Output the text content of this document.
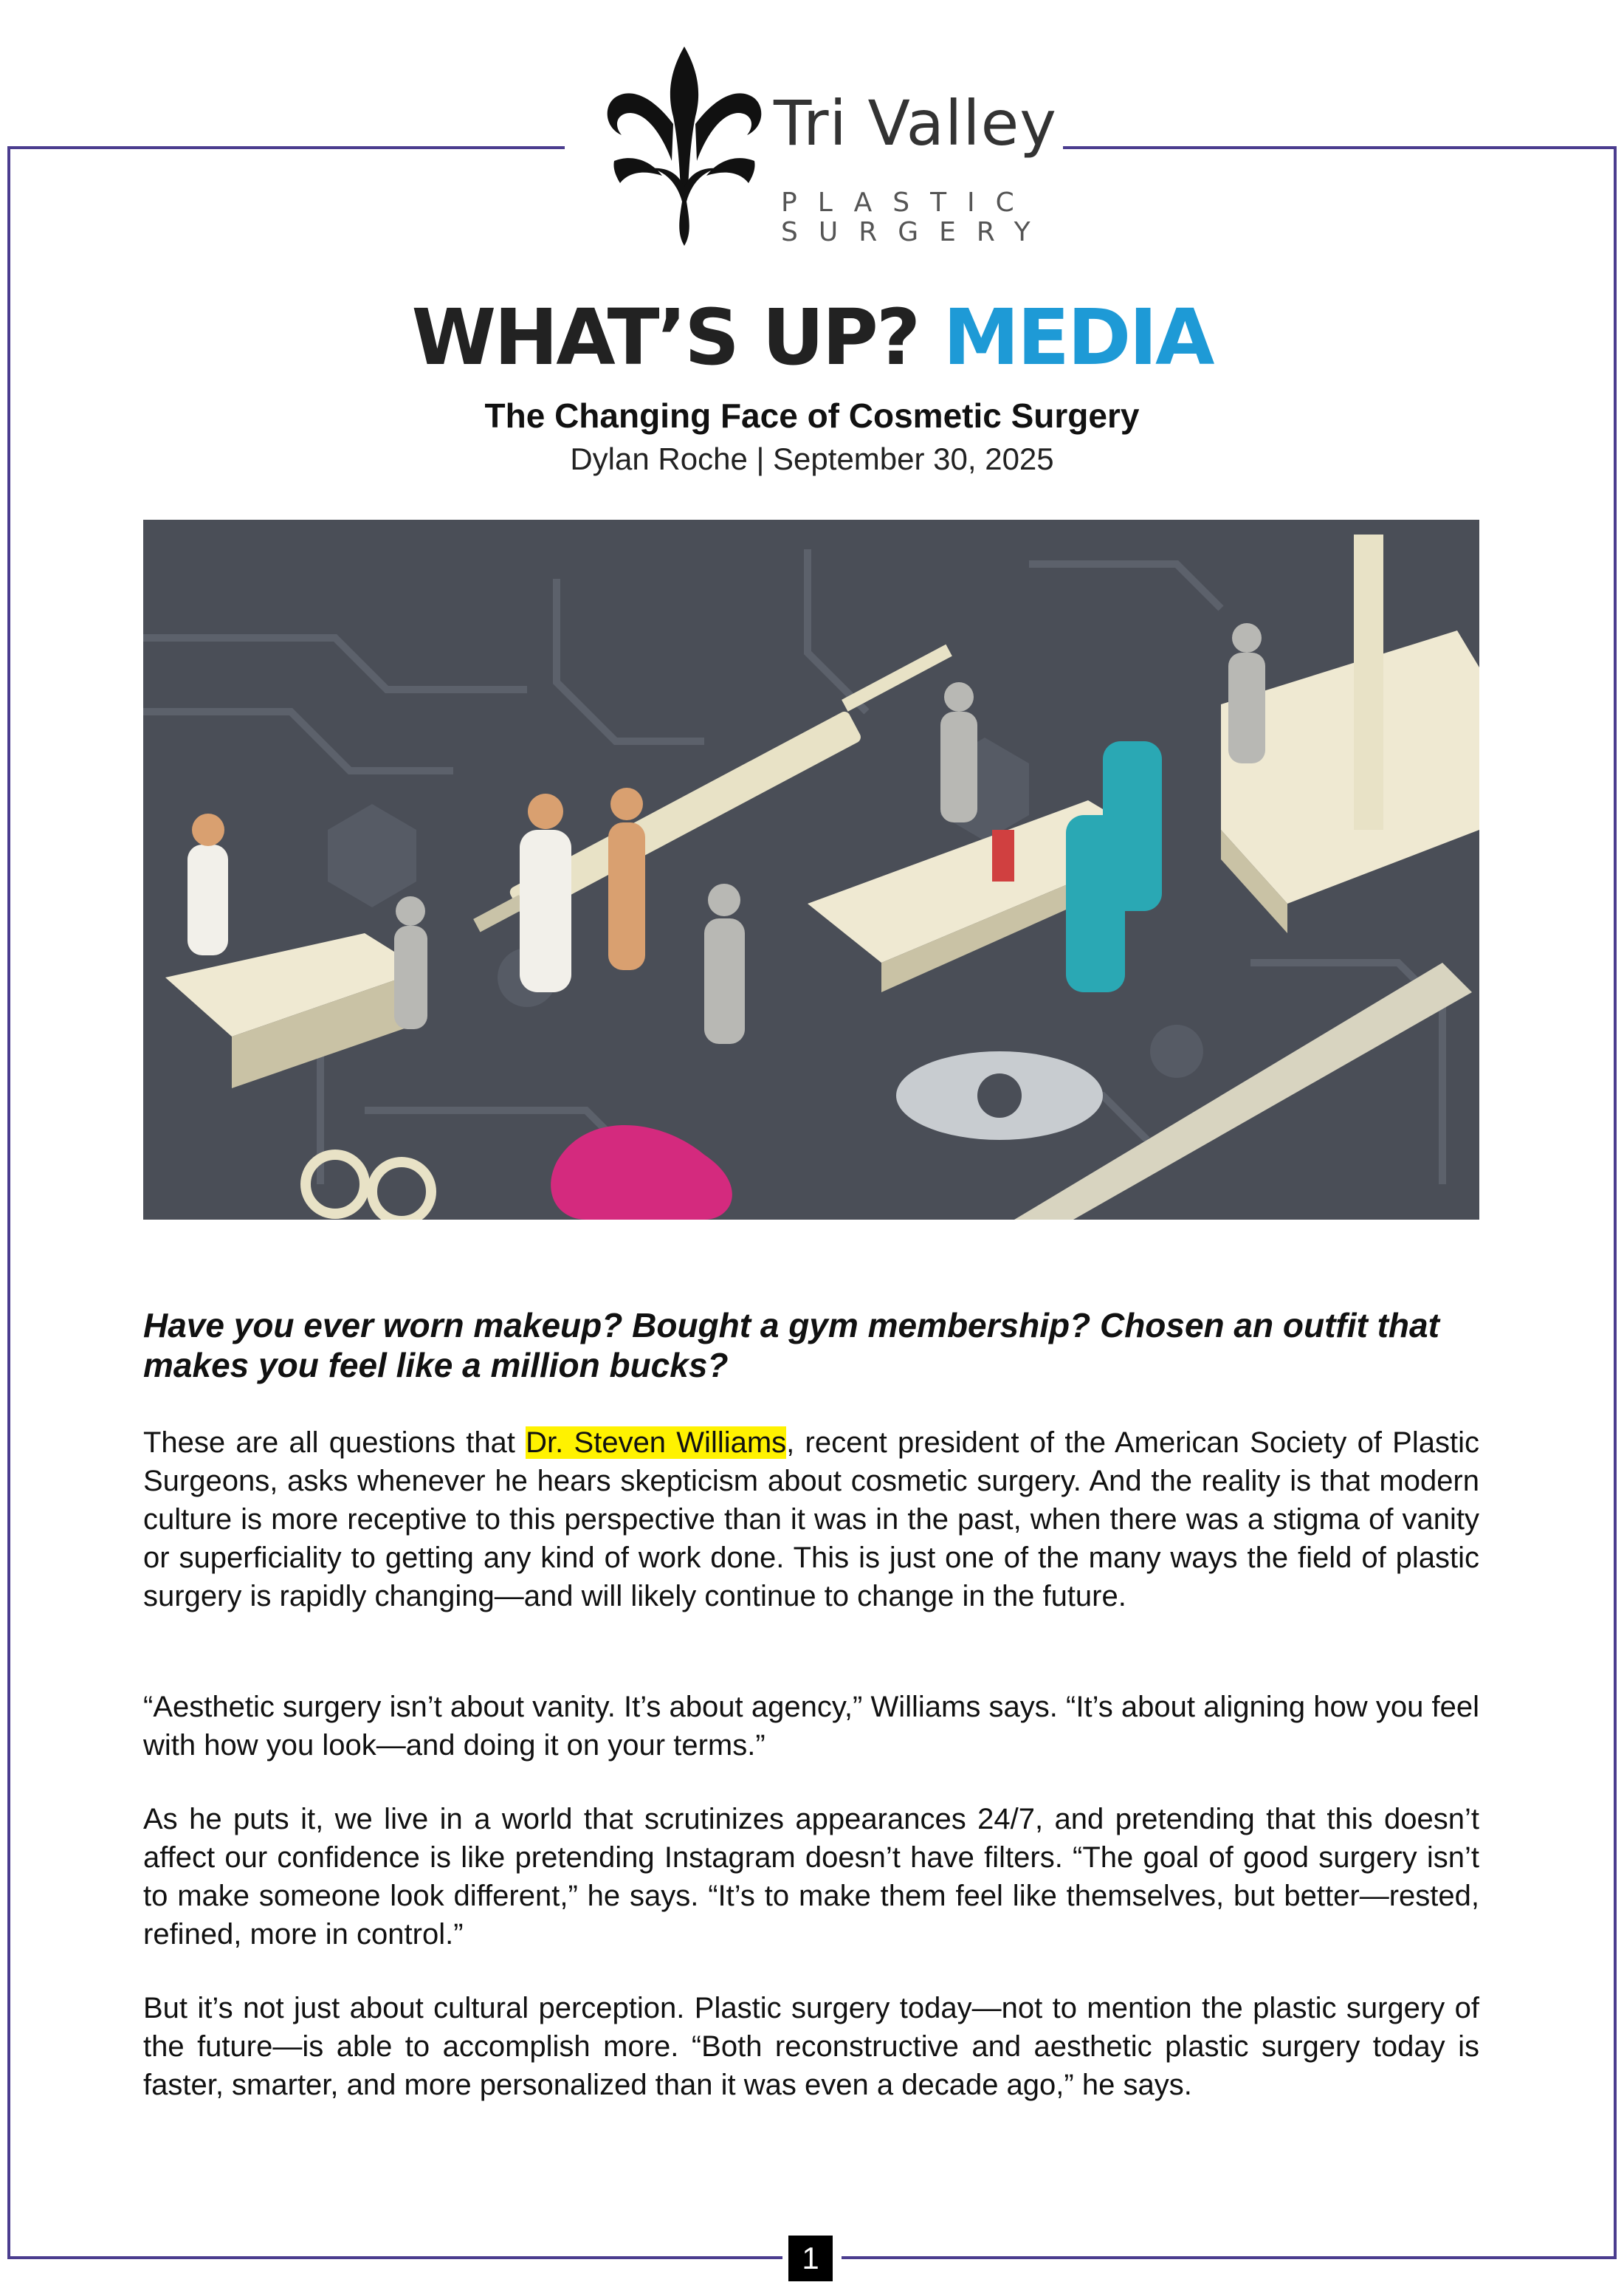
Tri Valley
PLASTIC
SURGERY
WHAT’S UP? MEDIA
The Changing Face of Cosmetic Surgery
Dylan Roche | September 30, 2025
Have you ever worn makeup? Bought a gym membership? Chosen an outfit that makes you feel like a million bucks?

These are all questions that Dr. Steven Williams, recent president of the American Society of Plastic Surgeons, asks whenever he hears skepticism about cosmetic surgery. And the reality is that modern culture is more receptive to this perspective than it was in the past, when there was a stigma of vanity or superficiality to getting any kind of work done. This is just one of the many ways the field of plastic surgery is rapidly changing—and will likely continue to change in the future.

“Aesthetic surgery isn’t about vanity. It’s about agency,” Williams says. “It’s about aligning how you feel with how you look—and doing it on your terms.”

As he puts it, we live in a world that scrutinizes appearances 24/7, and pretending that this doesn’t affect our confidence is like pretending Instagram doesn’t have filters. “The goal of good surgery isn’t to make someone look different,” he says. “It’s to make them feel like themselves, but better—rested, refined, more in control.”

But it’s not just about cultural perception. Plastic surgery today—not to mention the plastic surgery of the future—is able to accomplish more. “Both reconstructive and aesthetic plastic surgery today is faster, smarter, and more personalized than it was even a decade ago,” he says.

1
